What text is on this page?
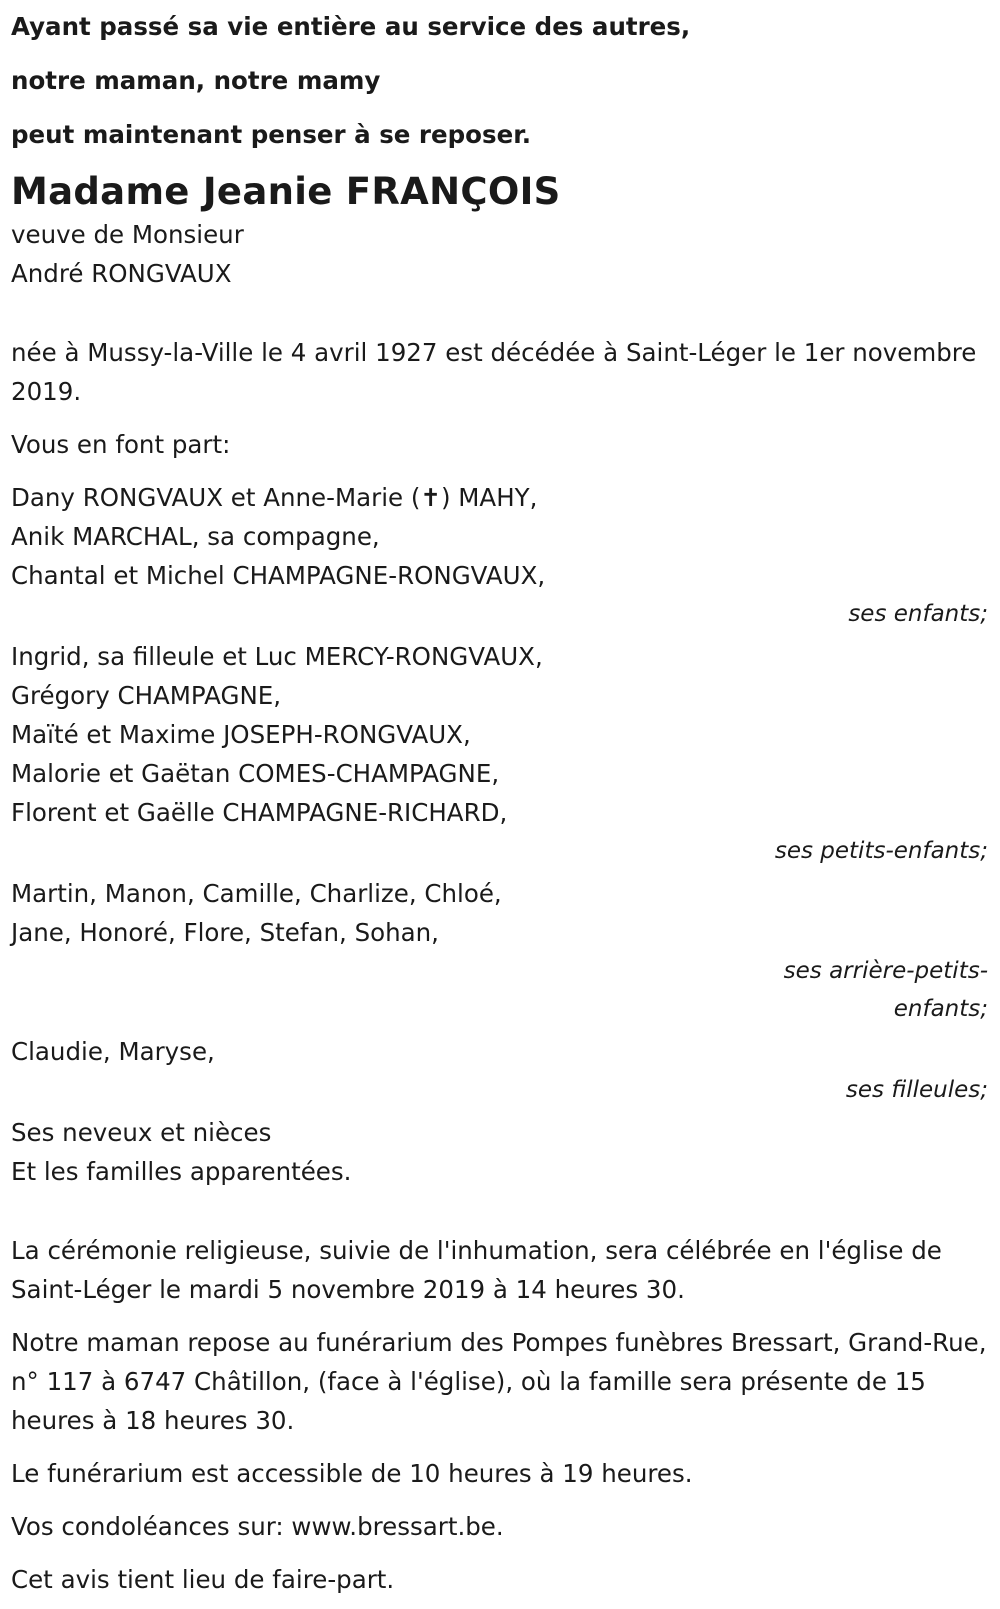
Ayant passé sa vie entière au service des autres,

notre maman, notre mamy

peut maintenant penser à se reposer.

Madame Jeanie FRANÇOIS

veuve de Monsieur

André RONGVAUX

née à Mussy-la-Ville le 4 avril 1927 est décédée à Saint-Léger le 1er novembre 2019.

Vous en font part:

Dany RONGVAUX et Anne-Marie (✝) MAHY,
Anik MARCHAL, sa compagne,
Chantal et Michel CHAMPAGNE-RONGVAUX,

ses enfants;

Ingrid, sa filleule et Luc MERCY-RONGVAUX,
Grégory CHAMPAGNE,
Maïté et Maxime JOSEPH-RONGVAUX,
Malorie et Gaëtan COMES-CHAMPAGNE,
Florent et Gaëlle CHAMPAGNE-RICHARD,

ses petits-enfants;

Martin, Manon, Camille, Charlize, Chloé,
Jane, Honoré, Flore, Stefan, Sohan,

ses arrière-petits-

enfants;

Claudie, Maryse,

ses filleules;

Ses neveux et nièces
Et les familles apparentées.

La cérémonie religieuse, suivie de l'inhumation, sera célébrée en l'église de Saint-Léger le mardi 5 novembre 2019 à 14 heures 30.

Notre maman repose au funérarium des Pompes funèbres Bressart, Grand-Rue, n° 117 à 6747 Châtillon, (face à l'église), où la famille sera présente de 15 heures à 18 heures 30.

Le funérarium est accessible de 10 heures à 19 heures.

Vos condoléances sur: www.bressart.be.

Cet avis tient lieu de faire-part.
